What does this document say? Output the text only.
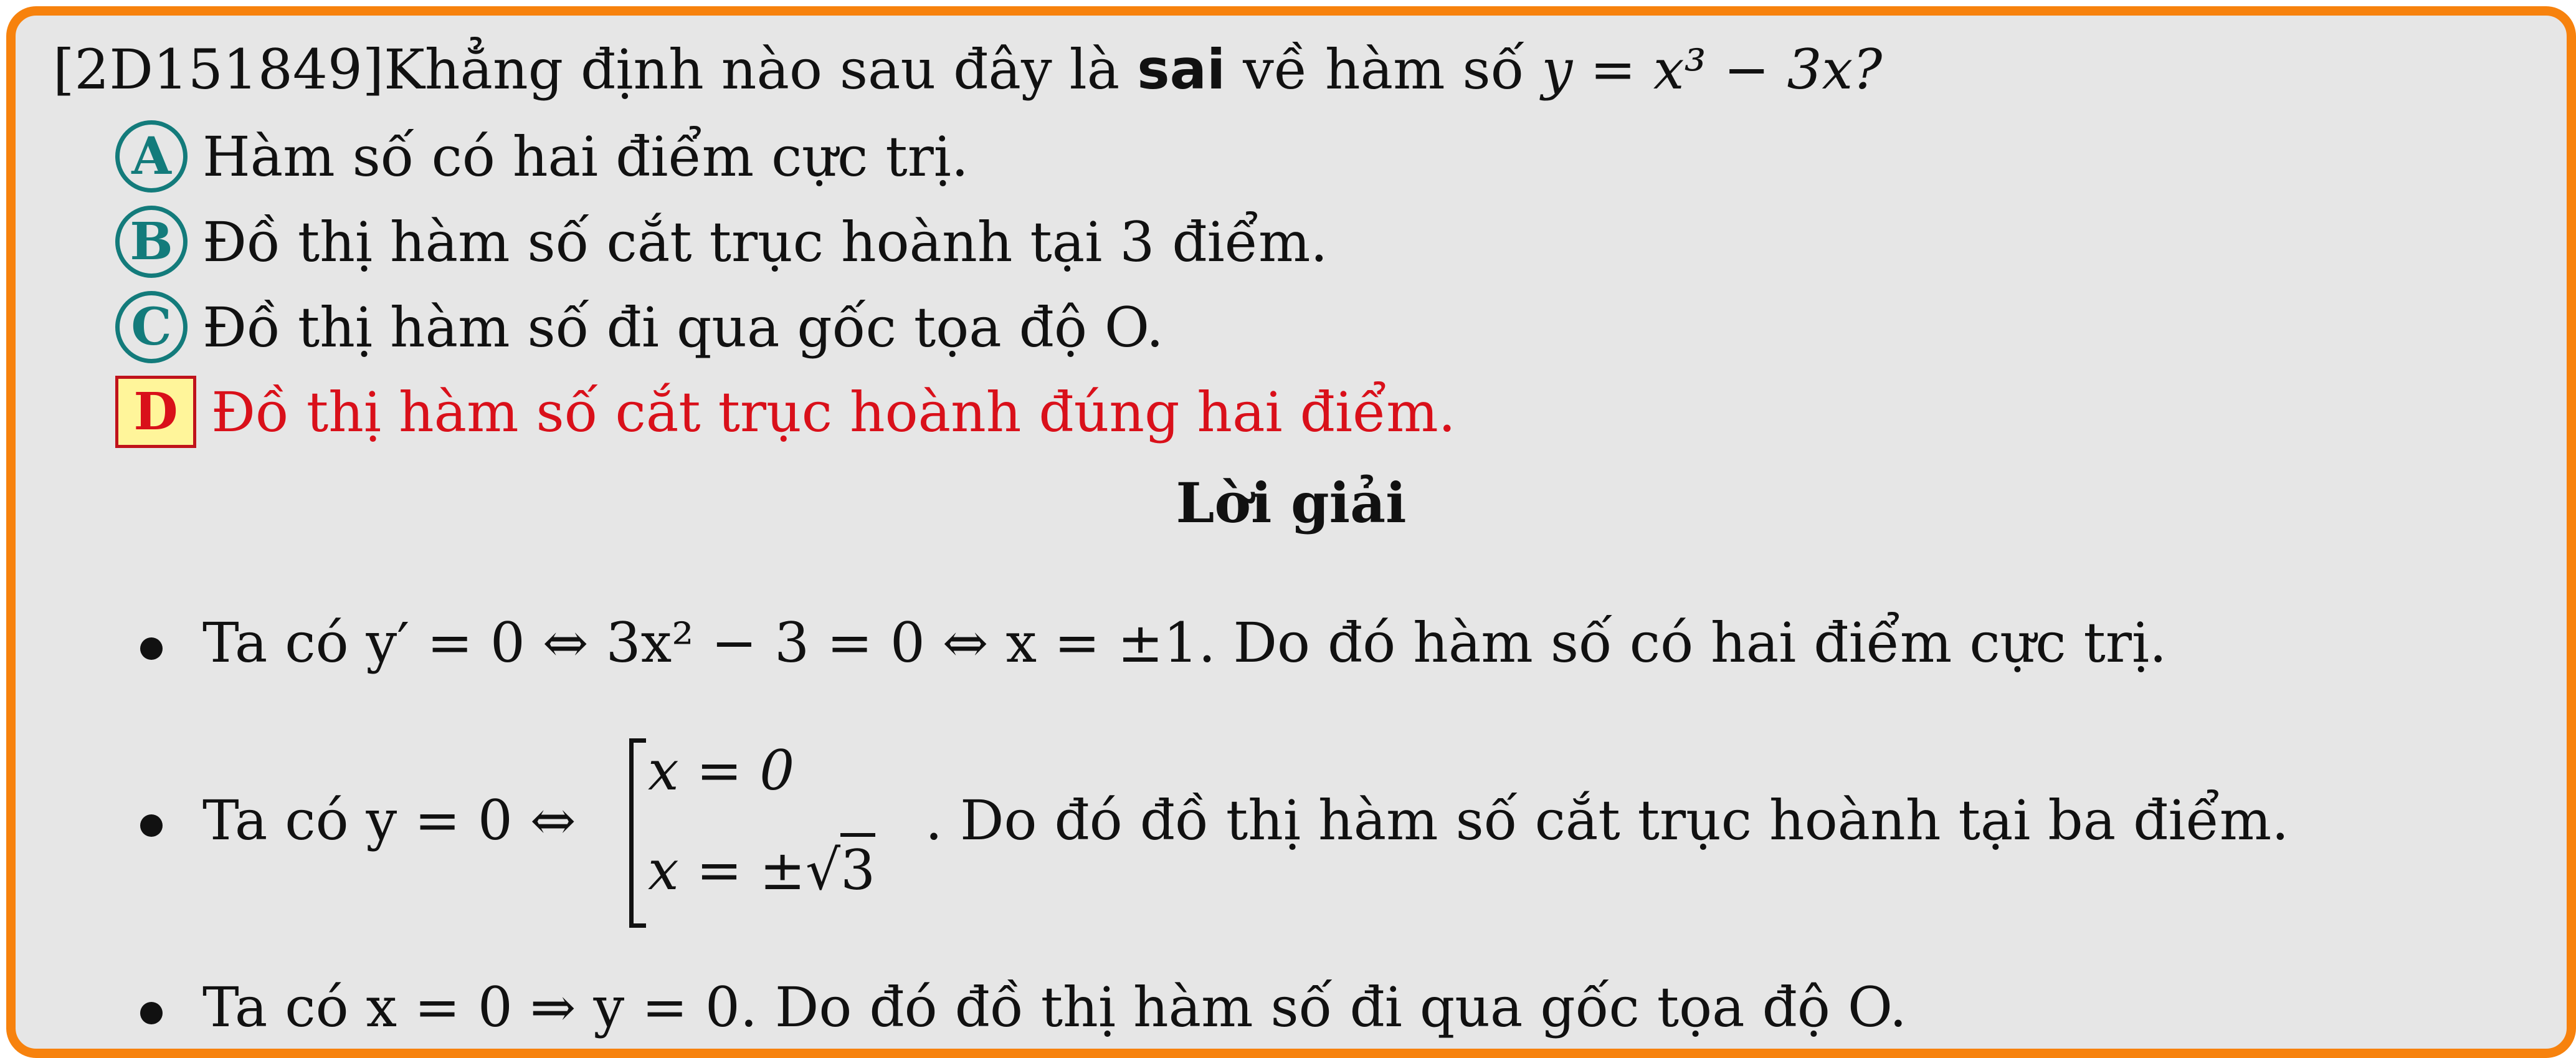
[2D151849]Khẳng định nào sau đây là sai về hàm số y = x³ − 3x?
A Hàm số có hai điểm cực trị.
B Đồ thị hàm số cắt trục hoành tại 3 điểm.
C Đồ thị hàm số đi qua gốc tọa độ O.
D Đồ thị hàm số cắt trục hoành đúng hai điểm.
Lời giải
Ta có y′ = 0 ⇔ 3x² − 3 = 0 ⇔ x = ±1. Do đó hàm số có hai điểm cực trị.
Ta có y = 0 ⇔
x = 0
x = ±√3
. Do đó đồ thị hàm số cắt trục hoành tại ba điểm.
Ta có x = 0 ⇒ y = 0. Do đó đồ thị hàm số đi qua gốc tọa độ O.
